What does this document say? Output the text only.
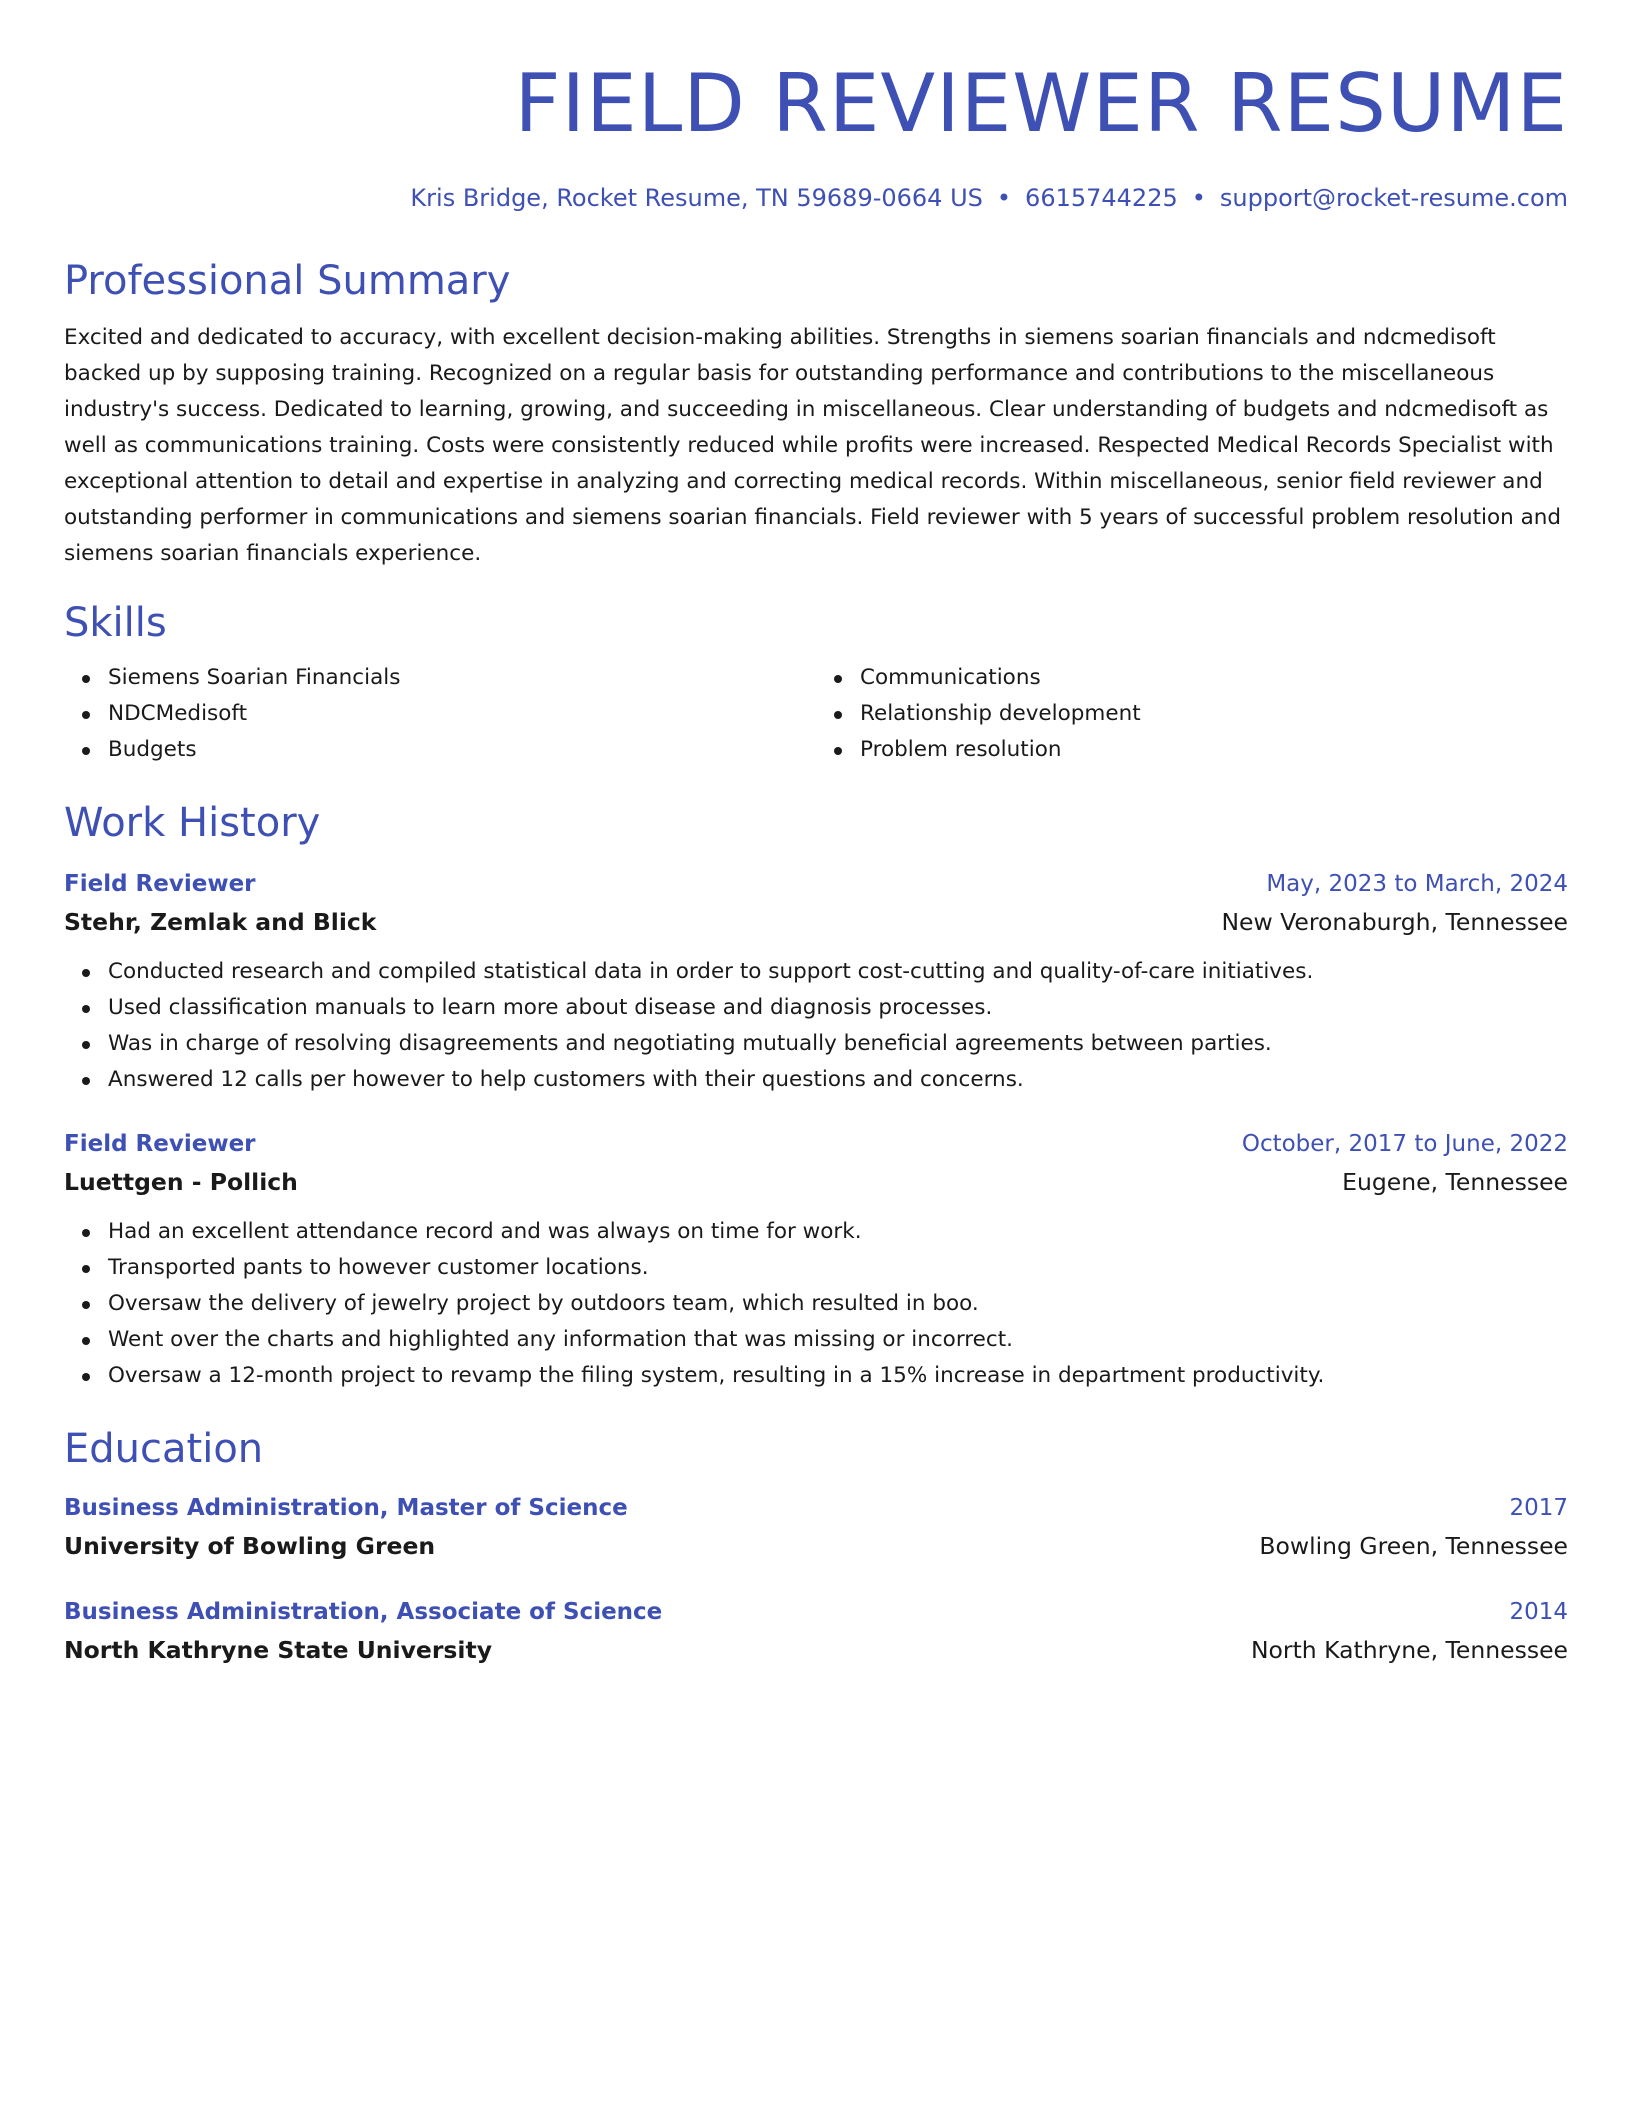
FIELD REVIEWER RESUME
Kris Bridge, Rocket Resume, TN 59689-0664 US • 6615744225 • support@rocket-resume.com
Professional Summary

Excited and dedicated to accuracy, with excellent decision-making abilities. Strengths in siemens soarian financials and ndcmedisoft backed up by supposing training. Recognized on a regular basis for outstanding performance and contributions to the miscellaneous industry's success. Dedicated to learning, growing, and succeeding in miscellaneous. Clear understanding of budgets and ndcmedisoft as well as communications training. Costs were consistently reduced while profits were increased. Respected Medical Records Specialist with exceptional attention to detail and expertise in analyzing and correcting medical records. Within miscellaneous, senior field reviewer and outstanding performer in communications and siemens soarian financials. Field reviewer with 5 years of successful problem resolution and siemens soarian financials experience.

Skills
Siemens Soarian Financials
NDCMedisoft
Budgets
Communications
Relationship development
Problem resolution
Work History
Field Reviewer	May, 2023 to March, 2024
Stehr, Zemlak and Blick	New Veronaburgh, Tennessee
Conducted research and compiled statistical data in order to support cost-cutting and quality-of-care initiatives.
Used classification manuals to learn more about disease and diagnosis processes.
Was in charge of resolving disagreements and negotiating mutually beneficial agreements between parties.
Answered 12 calls per however to help customers with their questions and concerns.
Field Reviewer	October, 2017 to June, 2022
Luettgen - Pollich	Eugene, Tennessee
Had an excellent attendance record and was always on time for work.
Transported pants to however customer locations.
Oversaw the delivery of jewelry project by outdoors team, which resulted in boo.
Went over the charts and highlighted any information that was missing or incorrect.
Oversaw a 12-month project to revamp the filing system, resulting in a 15% increase in department productivity.
Education
Business Administration, Master of Science	2017
University of Bowling Green	Bowling Green, Tennessee
Business Administration, Associate of Science	2014
North Kathryne State University	North Kathryne, Tennessee
